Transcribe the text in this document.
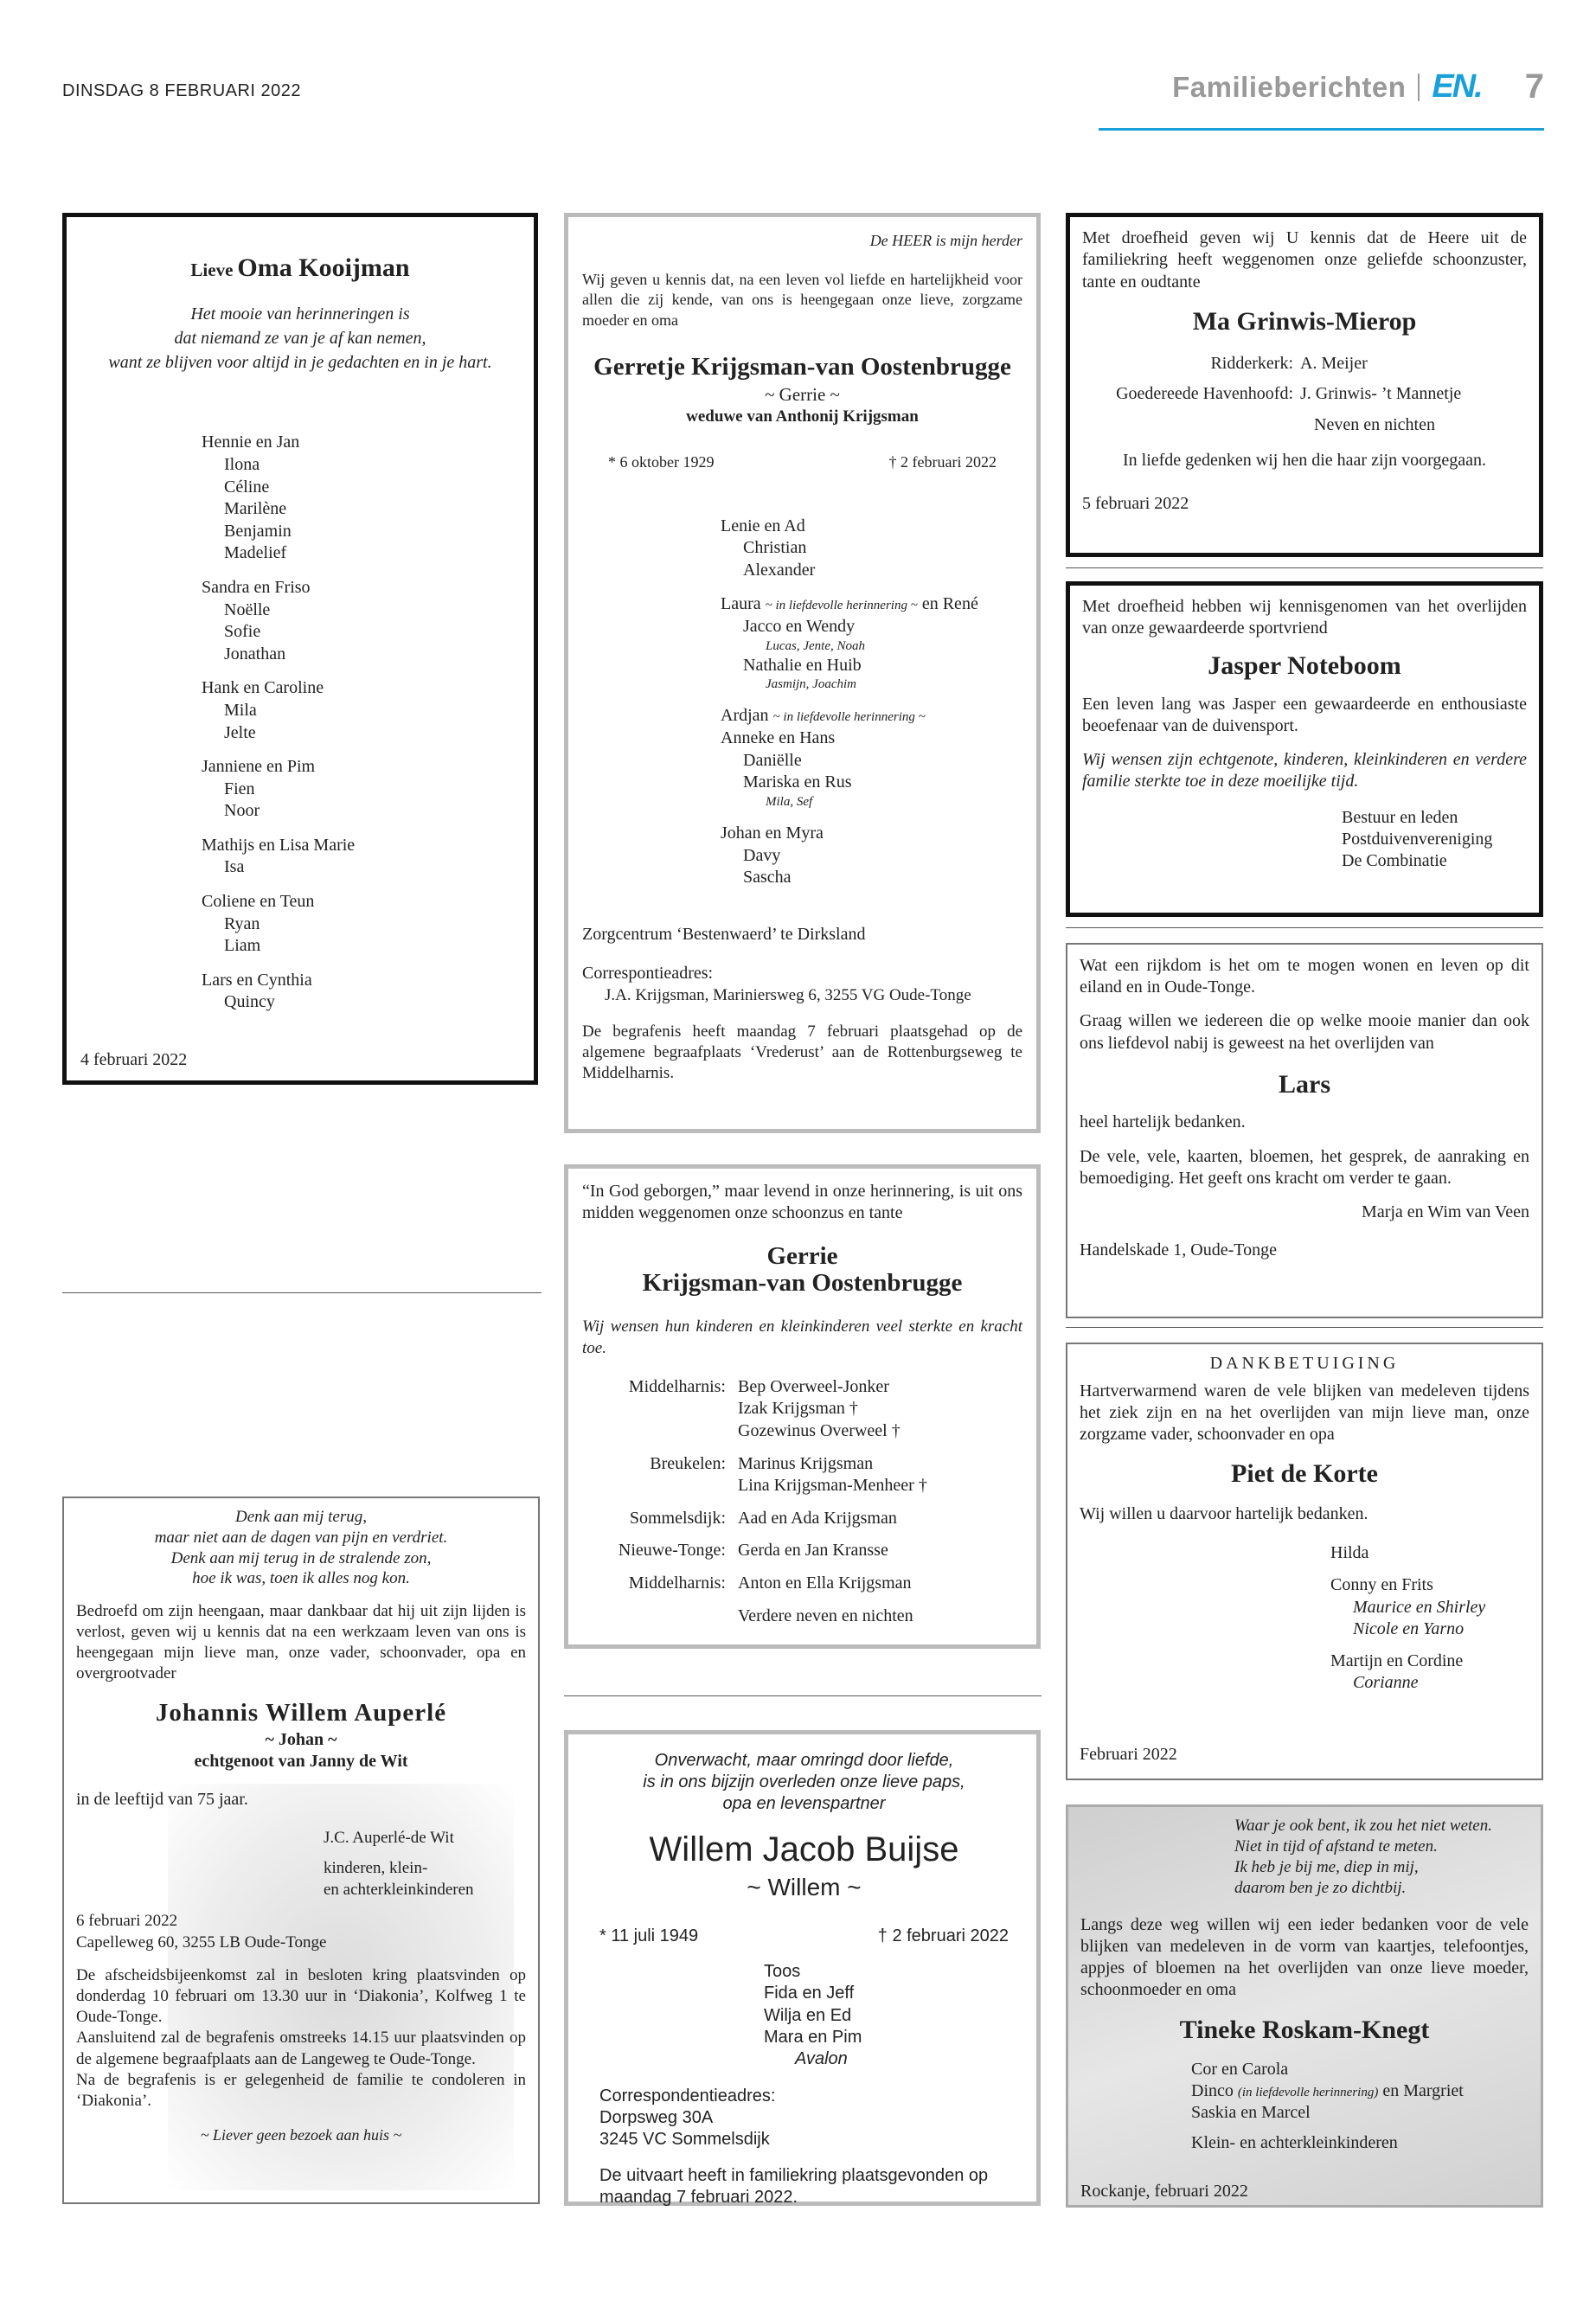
DINSDAG 8 FEBRUARI 2022	Familieberichten EN. 7
Lieve Oma Kooijman
Het mooie van herinneringen is
dat niemand ze van je af kan nemen,
want ze blijven voor altijd in je gedachten en in je hart.
Hennie en Jan
Ilona
Céline
Marilène
Benjamin
Madelief
Sandra en Friso
Noëlle
Sofie
Jonathan
Hank en Caroline
Mila
Jelte
Janniene en Pim
Fien
Noor
Mathijs en Lisa Marie
Isa
Coliene en Teun
Ryan
Liam
Lars en Cynthia
Quincy
4 februari 2022
Denk aan mij terug,
maar niet aan de dagen van pijn en verdriet.
Denk aan mij terug in de stralende zon,
hoe ik was, toen ik alles nog kon.
Bedroefd om zijn heengaan, maar dankbaar dat hij uit zijn lijden is verlost, geven wij u kennis dat na een werkzaam leven van ons is heengegaan mijn lieve man, onze vader, schoonvader, opa en overgrootvader
Johannis Willem Auperlé
~ Johan ~
echtgenoot van Janny de Wit
in de leeftijd van 75 jaar.
J.C. Auperlé-de Wit
kinderen, klein-
en achterkleinkinderen
6 februari 2022
Capelleweg 60, 3255 LB Oude-Tonge
De afscheidsbijeenkomst zal in besloten kring plaatsvinden op donderdag 10 februari om 13.30 uur in ‘Diakonia’, Kolfweg 1 te Oude-Tonge.
Aansluitend zal de begrafenis omstreeks 14.15 uur plaatsvinden op de algemene begraafplaats aan de Langeweg te Oude-Tonge.
Na de begrafenis is er gelegenheid de familie te condoleren in ‘Diakonia’.
~ Liever geen bezoek aan huis ~
De HEER is mijn herder
Wij geven u kennis dat, na een leven vol liefde en hartelijkheid voor allen die zij kende, van ons is heengegaan onze lieve, zorgzame moeder en oma
Gerretje Krijgsman-van Oostenbrugge
~ Gerrie ~
weduwe van Anthonij Krijgsman
* 6 oktober 1929	† 2 februari 2022
Lenie en Ad
Christian
Alexander
Laura ~ in liefdevolle herinnering ~ en René
Jacco en Wendy
Lucas, Jente, Noah
Nathalie en Huib
Jasmijn, Joachim
Ardjan ~ in liefdevolle herinnering ~
Anneke en Hans
Daniëlle
Mariska en Rus
Mila, Sef
Johan en Myra
Davy
Sascha
Zorgcentrum ‘Bestenwaerd’ te Dirksland
Correspontieadres:
J.A. Krijgsman, Mariniersweg 6, 3255 VG Oude-Tonge
De begrafenis heeft maandag 7 februari plaatsgehad op de algemene begraafplaats ‘Vrederust’ aan de Rottenburgseweg te Middelharnis.
“In God geborgen,” maar levend in onze herinnering, is uit ons midden weggenomen onze schoonzus en tante
Gerrie
Krijgsman-van Oostenbrugge
Wij wensen hun kinderen en kleinkinderen veel sterkte en kracht toe.
Middelharnis: Bep Overweel-Jonker
Izak Krijgsman †
Gozewinus Overweel †
Breukelen: Marinus Krijgsman
Lina Krijgsman-Menheer †
Sommelsdijk: Aad en Ada Krijgsman
Nieuwe-Tonge: Gerda en Jan Kransse
Middelharnis: Anton en Ella Krijgsman
Verdere neven en nichten
Onverwacht, maar omringd door liefde,
is in ons bijzijn overleden onze lieve paps,
opa en levenspartner
Willem Jacob Buijse
~ Willem ~
* 11 juli 1949	† 2 februari 2022
Toos
Fida en Jeff
Wilja en Ed
Mara en Pim
Avalon
Correspondentieadres:
Dorpsweg 30A
3245 VC Sommelsdijk
De uitvaart heeft in familiekring plaatsgevonden op maandag 7 februari 2022.
Met droefheid geven wij U kennis dat de Heere uit de familiekring heeft weggenomen onze geliefde schoonzuster, tante en oudtante
Ma Grinwis-Mierop
Ridderkerk: A. Meijer
Goedereede Havenhoofd: J. Grinwis- ’t Mannetje
Neven en nichten
In liefde gedenken wij hen die haar zijn voorgegaan.
5 februari 2022
Met droefheid hebben wij kennisgenomen van het overlijden van onze gewaardeerde sportvriend
Jasper Noteboom
Een leven lang was Jasper een gewaardeerde en enthousiaste beoefenaar van de duivensport.
Wij wensen zijn echtgenote, kinderen, kleinkinderen en verdere familie sterkte toe in deze moeilijke tijd.
Bestuur en leden
Postduivenvereniging
De Combinatie
Wat een rijkdom is het om te mogen wonen en leven op dit eiland en in Oude-Tonge.
Graag willen we iedereen die op welke mooie manier dan ook ons liefdevol nabij is geweest na het overlijden van
Lars
heel hartelijk bedanken.
De vele, vele, kaarten, bloemen, het gesprek, de aanraking en bemoediging. Het geeft ons kracht om verder te gaan.
Marja en Wim van Veen
Handelskade 1, Oude-Tonge
DANKBETUIGING
Hartverwarmend waren de vele blijken van medeleven tijdens het ziek zijn en na het overlijden van mijn lieve man, onze zorgzame vader, schoonvader en opa
Piet de Korte
Wij willen u daarvoor hartelijk bedanken.
Hilda
Conny en Frits
Maurice en Shirley
Nicole en Yarno
Martijn en Cordine
Corianne
Februari 2022
Waar je ook bent, ik zou het niet weten.
Niet in tijd of afstand te meten.
Ik heb je bij me, diep in mij,
daarom ben je zo dichtbij.
Langs deze weg willen wij een ieder bedanken voor de vele blijken van medeleven in de vorm van kaartjes, telefoontjes, appjes of bloemen na het overlijden van onze lieve moeder, schoonmoeder en oma
Tineke Roskam-Knegt
Cor en Carola
Dinco (in liefdevolle herinnering) en Margriet
Saskia en Marcel
Klein- en achterkleinkinderen
Rockanje, februari 2022
